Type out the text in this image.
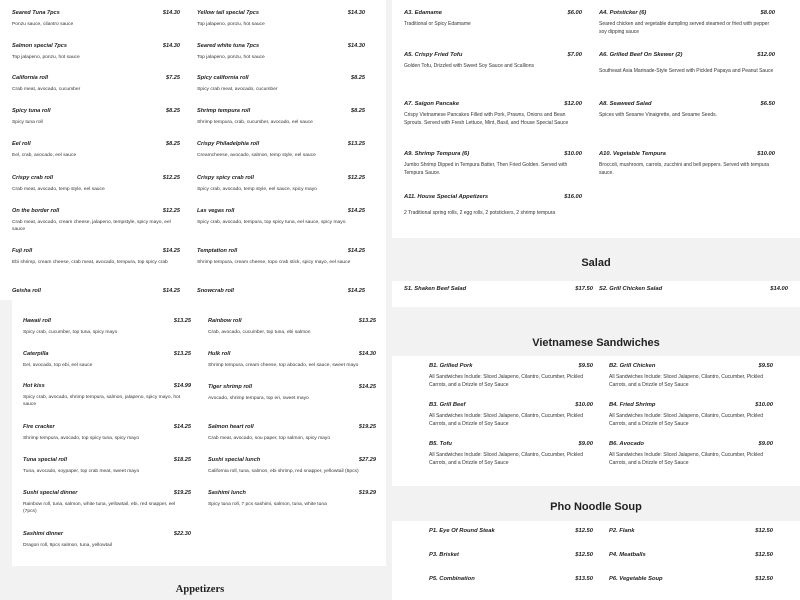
Seared Tuna 7pcs	$14.30
Ponzu sauce, cilantro sauce
Salmon special 7pcs	$14.30
Top jalapeno, ponzu, hot sauce
California roll	$7.25
Crab meat, avocado, cucumber
Spicy tuna roll	$8.25
Spicy tuna roll
Eel roll	$8.25
Eel, crab, avocado, eel sauce
Crispy crab roll	$12.25
Crab meat, avocado, temp style, eel sauce
On the border roll	$12.25
Crab meat, avocado, cream cheese, jalapeno, tempstyle, spicy mayo, eel sauce
Fuji roll	$14.25
Ebi shrimp, cream cheese, crab meat, avocado, tempura, top spicy crab
Geisha roll	$14.25
Yellow tail special 7pcs	$14.30
Top jalapeno, ponzu, hot sauce
Seared white tuna 7pcs	$14.30
Top jalapeno, ponzu, hot sauce
Spicy california roll	$8.25
Spicy crab meat, avocado, cucumber
Shrimp tempura roll	$8.25
Shrimp tempura, crab, cucumber, avocado, eel sauce
Crispy Philadelphia roll	$13.25
Creamcheese, avocado, salmon, temp style, eel sauce
Crispy spicy crab roll	$12.25
Spicy crab, avocado, temp style, eel sauce, spicy mayo
Las vegas roll	$14.25
Spicy crab, avocado, tempura, top spicy tuna, eel sauce, spicy mayo
Temptation roll	$14.25
Shrimp tempura, cream cheese, topo crab stick, spicy mayo, eel sauce
Snowcrab roll	$14.25
Hawaii roll	$13.25
Spicy crab, cucumber, top tuna, spicy mayo
Caterpilla	$13.25
Eel, avocado, top ebi, eel sauce
Hot kiss	$14.99
Spicy crab, avocado, shrimp tempura, salmon, jalapeno, spicy mayo, hot sauce
Fire cracker	$14.25
Shrimp tempura, avocado, top spicy tuna, spicy mayo
Tuna special roll	$18.25
Tuna, avocado, soypaper, top crab meat, sweet mayo
Sushi special dinner	$19.25
Rainbow roll, tuna, salmon, white tuna, yellowtail, ebi, red snapper, eel (7pcs)
Sashimi dinner	$22.30
Dragon roll, 9pcs salmon, tuna, yellowtail
Rainbow roll	$13.25
Crab, avocado, cucumber, top tuna, ebi salmon
Hulk roll	$14.30
Shrimp tempura, cream cheese, top abocado, eel sauce, sweet mayo
Tiger shrimp roll	$14.25
Avocado, shrimp tempura, top eri, sweet mayo
Salmon heart roll	$19.25
Crab meat, avocado, sou paper, top salmon, spicy mayo
Sushi special lunch	$27.29
California roll, tuna, salmon, ebi shrimp, red snapper, yellowtail (5pcs)
Sashimi lunch	$19.29
Spicy tuna roll, 7 pcs sashimi, salmon, tuna, white tuna
Appetizers
A3. Edamame	$6.00
Traditional or Spicy Edamame
A5. Crispy Fried Tofu	$7.00
Golden Tofu, Drizzled with Sweet Soy Sauce and Scallions
A7. Saigon Pancake	$12.00
Crispy Vietnamese Pancakes Filled with Pork, Prawns, Onions and Bean Sprouts. Served with Fresh Lettuce, Mint, Basil, and House Special Sauce
A9. Shrimp Tempura (6)	$10.00
Jumbo Shrimp Dipped in Tempura Batter, Then Fried Golden. Served with Tempura Sauce.
A11. House Special Appetizers	$16.00
2 Traditional spring rolls, 2 egg rolls, 2 potstickers, 2 shrimp tempura
A4. Potsticker (6)	$8.00
Seared chicken and vegetable dumpling served steamed or fried with pepper soy dipping sauce
A6. Grilled Beef On Skewer (2)	$12.00
Southeast Asia Marinade-Style Served with Pickled Papaya and Peanut Sauce
A8. Seaweed Salad	$6.50
Spices with Sesame Vinaigrette, and Sesame Seeds.
A10. Vegetable Tempura	$10.00
Broccoli, mushroom, carrots, zucchini and bell peppers. Served with tempura sauce.
Salad
S1. Shaken Beef Salad	$17.50 S2. Grill Chicken Salad	$14.00
Vietnamese Sandwiches
B1. Grilled Pork	$9.50
All Sandwiches Include: Sliced Jalapeno, Cilantro, Cucumber, Pickled Carrots, and a Drizzle of Soy Sauce
B2. Grill Chicken	$9.50
All Sandwiches Include: Sliced Jalapeno, Cilantro, Cucumber, Pickled Carrots, and a Drizzle of Soy Sauce
B3. Grill Beef	$10.00
All Sandwiches Include: Sliced Jalapeno, Cilantro, Cucumber, Pickled Carrots, and a Drizzle of Soy Sauce
B4. Fried Shrimp	$10.00
All Sandwiches Include: Sliced Jalapeno, Cilantro, Cucumber, Pickled Carrots, and a Drizzle of Soy Sauce
B5. Tofu	$9.00
All Sandwiches Include: Sliced Jalapeno, Cilantro, Cucumber, Pickled Carrots, and a Drizzle of Soy Sauce
B6. Avocado	$9.00
All Sandwiches Include: Sliced Jalapeno, Cilantro, Cucumber, Pickled Carrots, and a Drizzle of Soy Sauce
Pho Noodle Soup
P1. Eye Of Round Steak	$12.50	P2. Flank	$12.50
P3. Brisket	$12.50	P4. Meatballs	$12.50
P5. Combination	$13.50	P6. Vegetable Soup	$12.50
